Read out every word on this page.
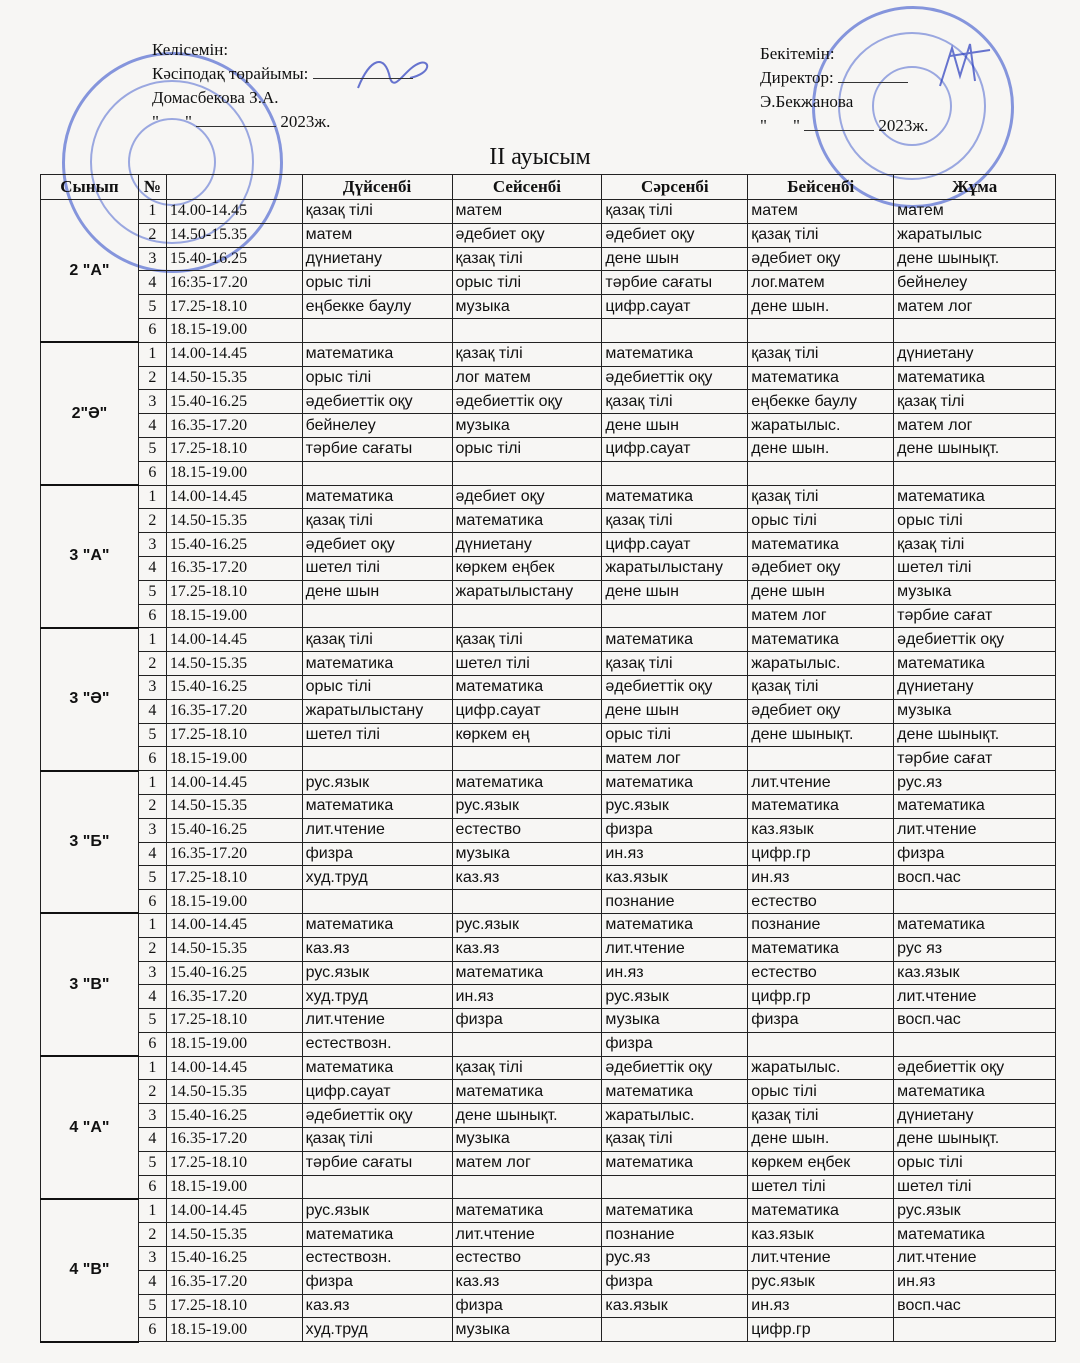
Келісемін:
Кәсіподақ төрайымы:
Домасбекова З.А.
" "	2023ж.
Бекітемін:
Директор:
Э.Бекжанова
" "	2023ж.
II ауысым
Сынып	№		Дүйсенбі	Сейсенбі	Сәрсенбі	Бейсенбі	Жұма
2 "А"	1	14.00-14.45	қазақ тілі	матем	қазақ тілі	матем	матем
	2	14.50-15.35	матем	әдебиет оқу	әдебиет оқу	қазақ тілі	жаратылыс
	3	15.40-16.25	дүниетану	қазақ тілі	дене шын	әдебиет оқу	дене шынықт.
	4	16:35-17.20	орыс тілі	орыс тілі	тәрбие сағаты	лог.матем	бейнелеу
	5	17.25-18.10	еңбекке баулу	музыка	цифр.сауат	дене шын.	матем лог
	6	18.15-19.00					
2"Ә"	1	14.00-14.45	математика	қазақ тілі	математика	қазақ тілі	дүниетану
	2	14.50-15.35	орыс тілі	лог матем	әдебиеттік оқу	математика	математика
	3	15.40-16.25	әдебиеттік оқу	әдебиеттік оқу	қазақ тілі	еңбекке баулу	қазақ тілі
	4	16.35-17.20	бейнелеу	музыка	дене шын	жаратылыс.	матем лог
	5	17.25-18.10	тәрбие сағаты	орыс тілі	цифр.сауат	дене шын.	дене шынықт.
	6	18.15-19.00					
3 "А"	1	14.00-14.45	математика	әдебиет оқу	математика	қазақ тілі	математика
	2	14.50-15.35	қазақ тілі	математика	қазақ тілі	орыс тілі	орыс тілі
	3	15.40-16.25	әдебиет оқу	дүниетану	цифр.сауат	математика	қазақ тілі
	4	16.35-17.20	шетел тілі	көркем еңбек	жаратылыстану	әдебиет оқу	шетел тілі
	5	17.25-18.10	дене шын	жаратылыстану	дене шын	дене шын	музыка
	6	18.15-19.00				матем лог	тәрбие сағат
3 "Ә"	1	14.00-14.45	қазақ тілі	қазақ тілі	математика	математика	әдебиеттік оқу
	2	14.50-15.35	математика	шетел тілі	қазақ тілі	жаратылыс.	математика
	3	15.40-16.25	орыс тілі	математика	әдебиеттік оқу	қазақ тілі	дүниетану
	4	16.35-17.20	жаратылыстану	цифр.сауат	дене шын	әдебиет оқу	музыка
	5	17.25-18.10	шетел тілі	көркем ең	орыс тілі	дене шынықт.	дене шынықт.
	6	18.15-19.00			матем лог		тәрбие сағат
3 "Б"	1	14.00-14.45	рус.язык	математика	математика	лит.чтение	рус.яз
	2	14.50-15.35	математика	рус.язык	рус.язык	математика	математика
	3	15.40-16.25	лит.чтение	естество	физра	каз.язык	лит.чтение
	4	16.35-17.20	физра	музыка	ин.яз	цифр.гр	физра
	5	17.25-18.10	худ.труд	каз.яз	каз.язык	ин.яз	восп.час
	6	18.15-19.00			познание	естество	
3 "В"	1	14.00-14.45	математика	рус.язык	математика	познание	математика
	2	14.50-15.35	каз.яз	каз.яз	лит.чтение	математика	рус яз
	3	15.40-16.25	рус.язык	математика	ин.яз	естество	каз.язык
	4	16.35-17.20	худ.труд	ин.яз	рус.язык	цифр.гр	лит.чтение
	5	17.25-18.10	лит.чтение	физра	музыка	физра	восп.час
	6	18.15-19.00	естествозн.		физра		
4 "А"	1	14.00-14.45	математика	қазақ тілі	әдебиеттік оқу	жаратылыс.	әдебиеттік оқу
	2	14.50-15.35	цифр.сауат	математика	математика	орыс тілі	математика
	3	15.40-16.25	әдебиеттік оқу	дене шынықт.	жаратылыс.	қазақ тілі	дүниетану
	4	16.35-17.20	қазақ тілі	музыка	қазақ тілі	дене шын.	дене шынықт.
	5	17.25-18.10	тәрбие сағаты	матем лог	математика	көркем еңбек	орыс тілі
	6	18.15-19.00				шетел тілі	шетел тілі
4 "В"	1	14.00-14.45	рус.язык	математика	математика	математика	рус.язык
	2	14.50-15.35	математика	лит.чтение	познание	каз.язык	математика
	3	15.40-16.25	естествозн.	естество	рус.яз	лит.чтение	лит.чтение
	4	16.35-17.20	физра	каз.яз	физра	рус.язык	ин.яз
	5	17.25-18.10	каз.яз	физра	каз.язык	ин.яз	восп.час
	6	18.15-19.00	худ.труд	музыка		цифр.гр	
